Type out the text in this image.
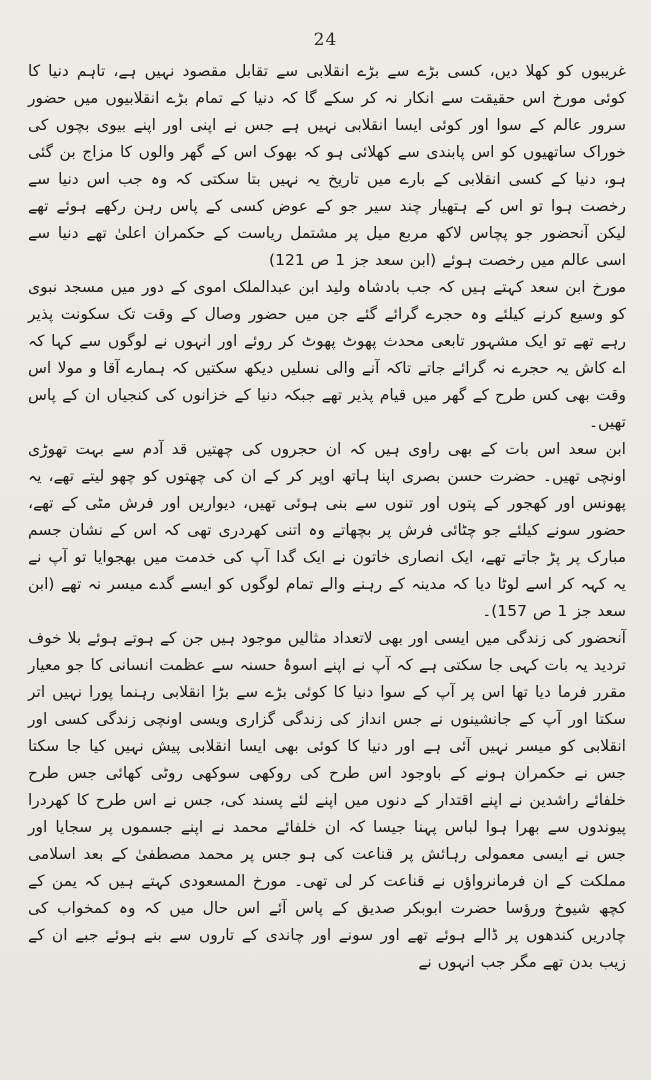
24

غریبوں کو کھلا دیں، کسی بڑے سے بڑے انقلابی سے تقابل مقصود نہیں ہے، تاہم دنیا کا کوئی مورخ اس حقیقت سے انکار نہ کر سکے گا کہ دنیا کے تمام بڑے انقلابیوں میں حضور سرور عالم کے سوا اور کوئی ایسا انقلابی نہیں ہے جس نے اپنی اور اپنے بیوی بچوں کی خوراک ساتھیوں کو اس پابندی سے کھلائی ہو کہ بھوک اس کے گھر والوں کا مزاج بن گئی ہو، دنیا کے کسی انقلابی کے بارے میں تاریخ یہ نہیں بتا سکتی کہ وہ جب اس دنیا سے رخصت ہوا تو اس کے ہتھیار چند سیر جو کے عوض کسی کے پاس رہن رکھے ہوئے تھے لیکن آنحضور جو پچاس لاکھ مربع میل پر مشتمل ریاست کے حکمران اعلیٰ تھے دنیا سے اسی عالم میں رخصت ہوئے (ابن سعد جز 1 ص 121)

مورخ ابن سعد کہتے ہیں کہ جب بادشاہ ولید ابن عبدالملک اموی کے دور میں مسجد نبوی کو وسیع کرنے کیلئے وہ حجرے گرائے گئے جن میں حضور وصال کے وقت تک سکونت پذیر رہے تھے تو ایک مشہور تابعی محدث پھوٹ پھوٹ کر روئے اور انہوں نے لوگوں سے کہا کہ اے کاش یہ حجرے نہ گرائے جاتے تاکہ آنے والی نسلیں دیکھ سکتیں کہ ہمارے آقا و مولا اس وقت بھی کس طرح کے گھر میں قیام پذیر تھے جبکہ دنیا کے خزانوں کی کنجیاں ان کے پاس تھیں۔

ابن سعد اس بات کے بھی راوی ہیں کہ ان حجروں کی چھتیں قد آدم سے بہت تھوڑی اونچی تھیں۔ حضرت حسن بصری اپنا ہاتھ اوپر کر کے ان کی چھتوں کو چھو لیتے تھے، یہ پھونس اور کھجور کے پتوں اور تنوں سے بنی ہوئی تھیں، دیواریں اور فرش مٹی کے تھے، حضور سونے کیلئے جو چٹائی فرش پر بچھاتے وہ اتنی کھردری تھی کہ اس کے نشان جسم مبارک پر پڑ جاتے تھے، ایک انصاری خاتون نے ایک گدا آپ کی خدمت میں بھجوایا تو آپ نے یہ کہہ کر اسے لوٹا دیا کہ مدینہ کے رہنے والے تمام لوگوں کو ایسے گدے میسر نہ تھے (ابن سعد جز 1 ص 157)۔

آنحضور کی زندگی میں ایسی اور بھی لاتعداد مثالیں موجود ہیں جن کے ہوتے ہوئے بلا خوف تردید یہ بات کہی جا سکتی ہے کہ آپ نے اپنے اسوۂ حسنہ سے عظمت انسانی کا جو معیار مقرر فرما دیا تھا اس پر آپ کے سوا دنیا کا کوئی بڑے سے بڑا انقلابی رہنما پورا نہیں اتر سکتا اور آپ کے جانشینوں نے جس انداز کی زندگی گزاری ویسی اونچی زندگی کسی اور انقلابی کو میسر نہیں آئی ہے اور دنیا کا کوئی بھی ایسا انقلابی پیش نہیں کیا جا سکتا جس نے حکمران ہونے کے باوجود اس طرح کی روکھی سوکھی روٹی کھائی جس طرح خلفائے راشدین نے اپنے اقتدار کے دنوں میں اپنے لئے پسند کی، جس نے اس طرح کا کھردرا پیوندوں سے بھرا ہوا لباس پہنا جیسا کہ ان خلفائے محمد نے اپنے جسموں پر سجایا اور جس نے ایسی معمولی رہائش پر قناعت کی ہو جس پر محمد مصطفیٰ کے بعد اسلامی مملکت کے ان فرمانرواؤں نے قناعت کر لی تھی۔ مورخ المسعودی کہتے ہیں کہ یمن کے کچھ شیوخ ورؤسا حضرت ابوبکر صدیق کے پاس آئے اس حال میں کہ وہ کمخواب کی چادریں کندھوں پر ڈالے ہوئے تھے اور سونے اور چاندی کے تاروں سے بنے ہوئے جبے ان کے زیب بدن تھے مگر جب انہوں نے
